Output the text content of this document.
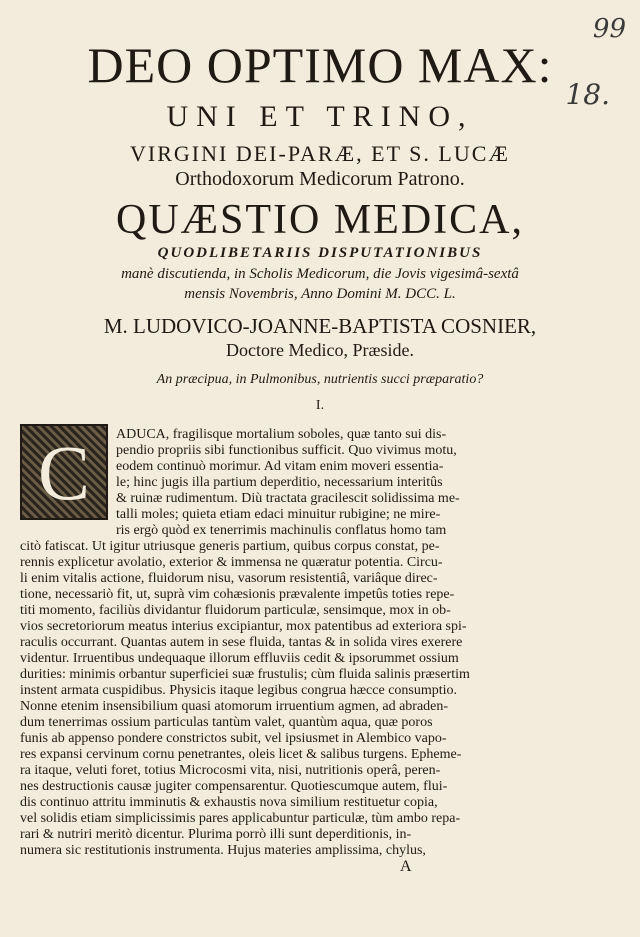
99
18.
DEO OPTIMO MAX:
UNI ET TRINO,
VIRGINI DEI-PARÆ, ET S. LUCÆ
Orthodoxorum Medicorum Patrono.
QUÆSTIO MEDICA,
QUODLIBETARIIS DISPUTATIONIBUS
manè discutienda, in Scholis Medicorum, die Jovis vigesimâ-sextâ
mensis Novembris, Anno Domini M. DCC. L.
M. LUDOVICO-JOANNE-BAPTISTA COSNIER,
Doctore Medico, Præside.
An præcipua, in Pulmonibus, nutrientis succi præparatio?
I.
C	ADUCA, fragilisque mortalium soboles, quæ tanto sui dis-
pendio propriis sibi functionibus sufficit. Quo vivimus motu,
eodem continuò morimur. Ad vitam enim moveri essentia-
le; hinc jugis illa partium deperditio, necessarium interitûs
& ruinæ rudimentum. Diù tractata gracilescit solidissima me-
talli moles; quieta etiam edaci minuitur rubigine; ne mire-
ris ergò quòd ex tenerrimis machinulis conflatus homo tam
citò fatiscat. Ut igitur utriusque generis partium, quibus corpus constat, pe-
rennis explicetur avolatio, exterior & immensa ne quæratur potentia. Circu-
li enim vitalis actione, fluidorum nisu, vasorum resistentiâ, variâque direc-
tione, necessariò fit, ut, suprà vim cohæsionis prævalente impetûs toties repe-
titi momento, faciliùs dividantur fluidorum particulæ, sensimque, mox in ob-
vios secretoriorum meatus interius excipiantur, mox patentibus ad exteriora spi-
raculis occurrant. Quantas autem in sese fluida, tantas & in solida vires exerere
videntur. Irruentibus undequaque illorum effluviis cedit & ipsorummet ossium
durities: minimis orbantur superficiei suæ frustulis; cùm fluida salinis præsertim
instent armata cuspidibus. Physicis itaque legibus congrua hæcce consumptio.
Nonne etenim insensibilium quasi atomorum irruentium agmen, ad abraden-
dum tenerrimas ossium particulas tantùm valet, quantùm aqua, quæ poros
funis ab appenso pondere constrictos subit, vel ipsiusmet in Alembico vapo-
res expansi cervinum cornu penetrantes, oleis licet & salibus turgens. Epheme-
ra itaque, veluti foret, totius Microcosmi vita, nisi, nutritionis operâ, peren-
nes destructionis causæ jugiter compensarentur. Quotiescumque autem, flui-
dis continuo attritu imminutis & exhaustis nova similium restituetur copia,
vel solidis etiam simplicissimis pares applicabuntur particulæ, tùm ambo repa-
rari & nutriri meritò dicentur. Plurima porrò illi sunt deperditionis, in-
numera sic restitutionis instrumenta. Hujus materies amplissima, chylus,
A
